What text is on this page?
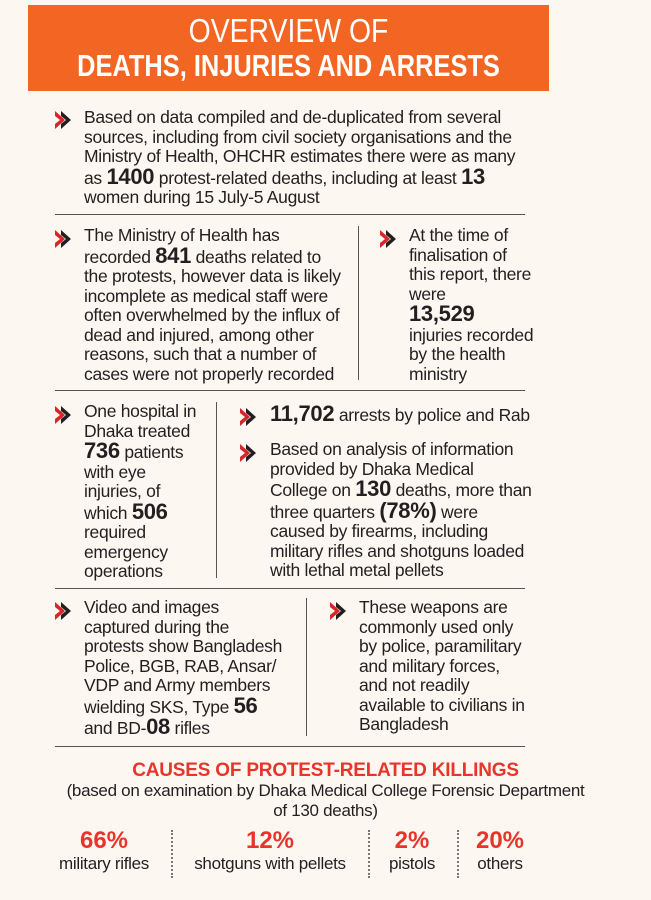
OVERVIEW OF
DEATHS, INJURIES AND ARRESTS
Based on data compiled and de-duplicated from several sources, including from civil society organisations and the Ministry of Health, OHCHR estimates there were as many as 1400 protest-related deaths, including at least 13 women during 15 July-5 August
The Ministry of Health has recorded 841 deaths related to the protests, however data is likely incomplete as medical staff were often overwhelmed by the influx of dead and injured, among other reasons, such that a number of cases were not properly recorded
At the time of finalisation of this report, there were
13,529
injuries recorded by the health ministry
One hospital in Dhaka treated 736 patients with eye injuries, of which 506 required emergency operations
11,702 arrests by police and Rab
Based on analysis of information provided by Dhaka Medical College on 130 deaths, more than three quarters (78%) were caused by firearms, including military rifles and shotguns loaded with lethal metal pellets
Video and images captured during the protests show Bangladesh Police, BGB, RAB, Ansar/ VDP and Army members wielding SKS, Type 56 and BD-08 rifles
These weapons are commonly used only by police, paramilitary and military forces, and not readily available to civilians in Bangladesh
CAUSES OF PROTEST-RELATED KILLINGS
(based on examination by Dhaka Medical College Forensic Department of 130 deaths)
66%
military rifles
12%
shotguns with pellets
2%
pistols
20%
others
